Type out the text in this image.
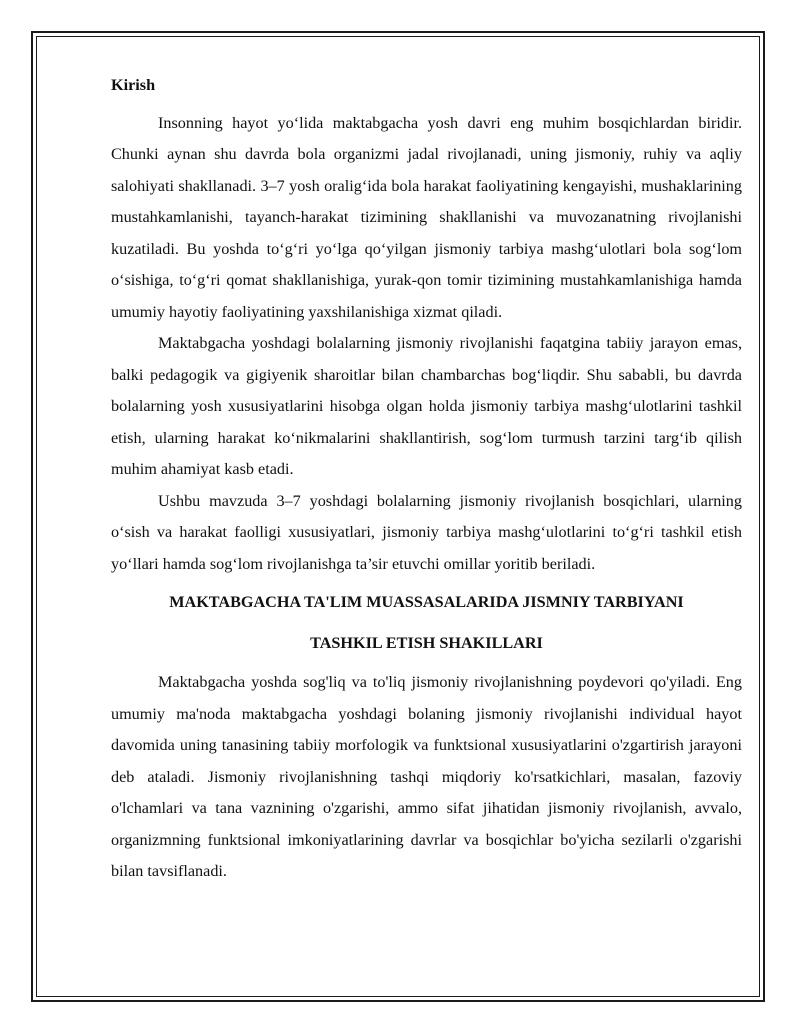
Kirish

Insonning hayot yo‘lida maktabgacha yosh davri eng muhim bosqichlardan biridir. Chunki aynan shu davrda bola organizmi jadal rivojlanadi, uning jismoniy, ruhiy va aqliy salohiyati shakllanadi. 3–7 yosh oralig‘ida bola harakat faoliyatining kengayishi, mushaklarining mustahkamlanishi, tayanch-harakat tizimining shakllanishi va muvozanatning rivojlanishi kuzatiladi. Bu yoshda to‘g‘ri yo‘lga qo‘yilgan jismoniy tarbiya mashg‘ulotlari bola sog‘lom o‘sishiga, to‘g‘ri qomat shakllanishiga, yurak-qon tomir tizimining mustahkamlanishiga hamda umumiy hayotiy faoliyatining yaxshilanishiga xizmat qiladi.

Maktabgacha yoshdagi bolalarning jismoniy rivojlanishi faqatgina tabiiy jarayon emas, balki pedagogik va gigiyenik sharoitlar bilan chambarchas bog‘liqdir. Shu sababli, bu davrda bolalarning yosh xususiyatlarini hisobga olgan holda jismoniy tarbiya mashg‘ulotlarini tashkil etish, ularning harakat ko‘nikmalarini shakllantirish, sog‘lom turmush tarzini targ‘ib qilish muhim ahamiyat kasb etadi.

Ushbu mavzuda 3–7 yoshdagi bolalarning jismoniy rivojlanish bosqichlari, ularning o‘sish va harakat faolligi xususiyatlari, jismoniy tarbiya mashg‘ulotlarini to‘g‘ri tashkil etish yo‘llari hamda sog‘lom rivojlanishga ta’sir etuvchi omillar yoritib beriladi.

MAKTABGACHA TA'LIM MUASSASALARIDA JISMNIY TARBIYANI

TASHKIL ETISH SHAKILLARI

Maktabgacha yoshda sog'liq va to'liq jismoniy rivojlanishning poydevori qo'yiladi. Eng umumiy ma'noda maktabgacha yoshdagi bolaning jismoniy rivojlanishi individual hayot davomida uning tanasining tabiiy morfologik va funktsional xususiyatlarini o'zgartirish jarayoni deb ataladi. Jismoniy rivojlanishning tashqi miqdoriy ko'rsatkichlari, masalan, fazoviy o'lchamlari va tana vaznining o'zgarishi, ammo sifat jihatidan jismoniy rivojlanish, avvalo, organizmning funktsional imkoniyatlarining davrlar va bosqichlar bo'yicha sezilarli o'zgarishi bilan tavsiflanadi.
